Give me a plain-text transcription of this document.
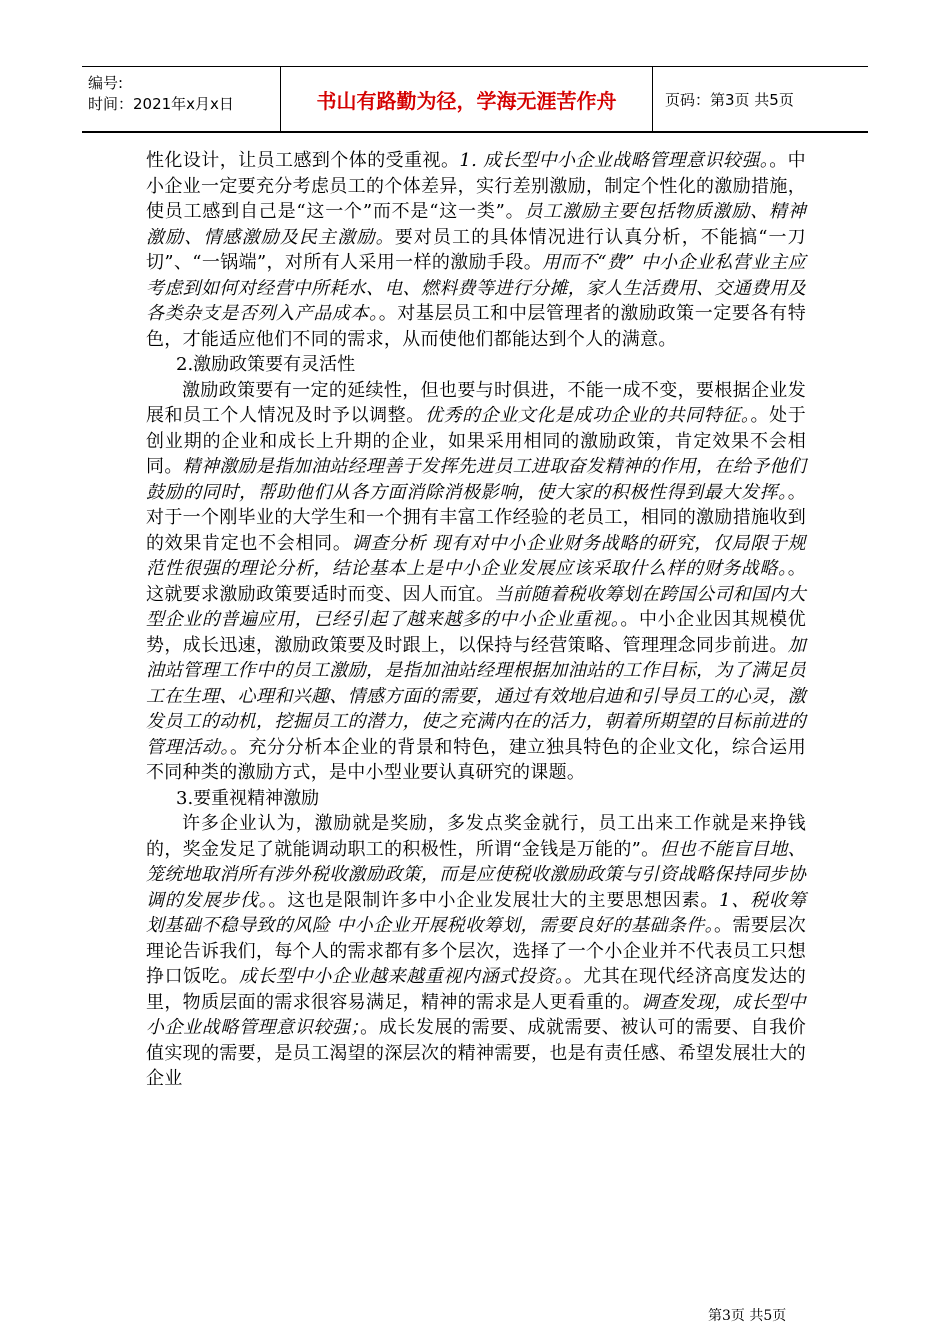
编号:
时间：2021年x月x日	书山有路勤为径，学海无涯苦作舟	页码：第3页 共5页

性化设计，让员工感到个体的受重视。1. 成长型中小企业战略管理意识较强。。中小企业一定要充分考虑员工的个体差异，实行差别激励，制定个性化的激励措施，使员工感到自己是“这一个”而不是“这一类”。员工激励主要包括物质激励、精神激励、情感激励及民主激励。要对员工的具体情况进行认真分析，不能搞“一刀切”、“一锅端”，对所有人采用一样的激励手段。用而不“费” 中小企业私营业主应考虑到如何对经营中所耗水、电、燃料费等进行分摊，家人生活费用、交通费用及各类杂支是否列入产品成本。。对基层员工和中层管理者的激励政策一定要各有特色，才能适应他们不同的需求，从而使他们都能达到个人的满意。

2.激励政策要有灵活性

激励政策要有一定的延续性，但也要与时俱进，不能一成不变，要根据企业发展和员工个人情况及时予以调整。优秀的企业文化是成功企业的共同特征。。处于创业期的企业和成长上升期的企业，如果采用相同的激励政策，肯定效果不会相同。精神激励是指加油站经理善于发挥先进员工进取奋发精神的作用，在给予他们鼓励的同时，帮助他们从各方面消除消极影响，使大家的积极性得到最大发挥。。对于一个刚毕业的大学生和一个拥有丰富工作经验的老员工，相同的激励措施收到的效果肯定也不会相同。调查分析 现有对中小企业财务战略的研究，仅局限于规范性很强的理论分析，结论基本上是中小企业发展应该采取什么样的财务战略。。这就要求激励政策要适时而变、因人而宜。当前随着税收筹划在跨国公司和国内大型企业的普遍应用，已经引起了越来越多的中小企业重视。。中小企业因其规模优势，成长迅速，激励政策要及时跟上，以保持与经营策略、管理理念同步前进。加油站管理工作中的员工激励，是指加油站经理根据加油站的工作目标，为了满足员工在生理、心理和兴趣、情感方面的需要，通过有效地启迪和引导员工的心灵，激发员工的动机，挖掘员工的潜力，使之充满内在的活力，朝着所期望的目标前进的管理活动。。充分分析本企业的背景和特色，建立独具特色的企业文化，综合运用不同种类的激励方式，是中小型业要认真研究的课题。

3.要重视精神激励

许多企业认为，激励就是奖励，多发点奖金就行，员工出来工作就是来挣钱的，奖金发足了就能调动职工的积极性，所谓“金钱是万能的”。但也不能盲目地、笼统地取消所有涉外税收激励政策，而是应使税收激励政策与引资战略保持同步协调的发展步伐。。这也是限制许多中小企业发展壮大的主要思想因素。1、税收筹划基础不稳导致的风险 中小企业开展税收筹划，需要良好的基础条件。。需要层次理论告诉我们，每个人的需求都有多个层次，选择了一个小企业并不代表员工只想挣口饭吃。成长型中小企业越来越重视内涵式投资。。尤其在现代经济高度发达的里，物质层面的需求很容易满足，精神的需求是人更看重的。调查发现，成长型中小企业战略管理意识较强；。成长发展的需要、成就需要、被认可的需要、自我价值实现的需要，是员工渴望的深层次的精神需要，也是有责任感、希望发展壮大的企业

第3页 共5页
